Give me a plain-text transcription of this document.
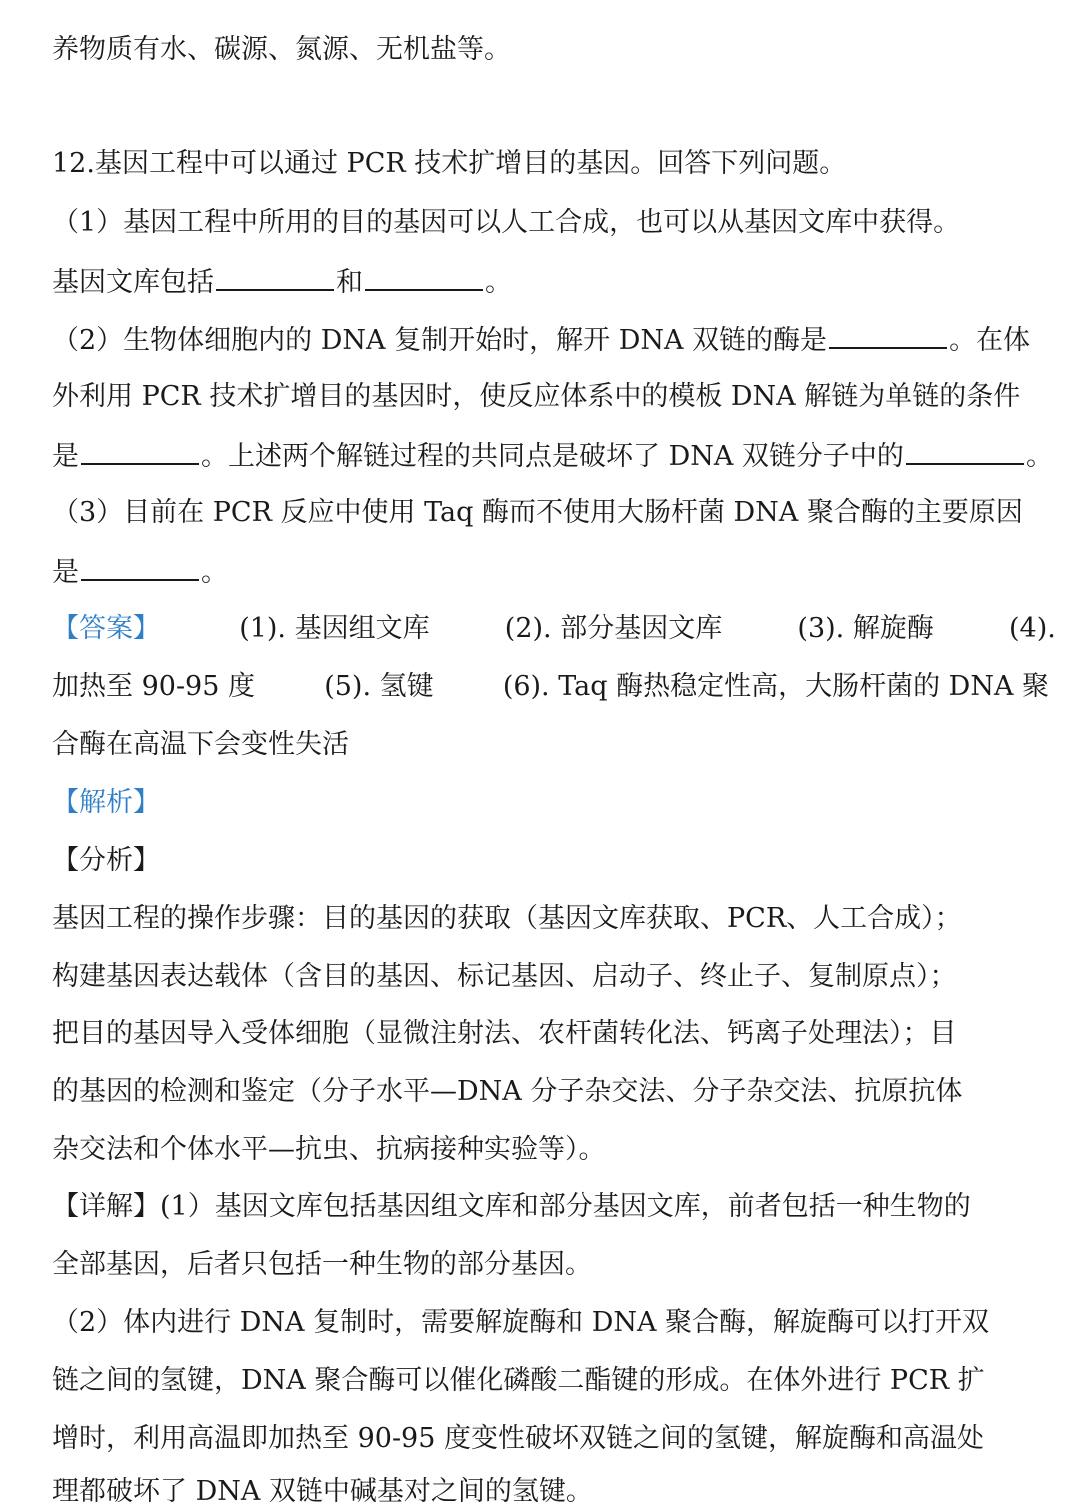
养物质有水、碳源、氮源、无机盐等。
12.基因工程中可以通过 PCR 技术扩增目的基因。回答下列问题。
（1）基因工程中所用的目的基因可以人工合成，也可以从基因文库中获得。
基因文库包括	和	。
（2）生物体细胞内的 DNA 复制开始时，解开 DNA 双链的酶是	。在体
外利用 PCR 技术扩增目的基因时，使反应体系中的模板 DNA 解链为单链的条件
是	。上述两个解链过程的共同点是破坏了 DNA 双链分子中的	。
（3）目前在 PCR 反应中使用 Taq 酶而不使用大肠杆菌 DNA 聚合酶的主要原因
是	。
【答案】	(1). 基因组文库	(2). 部分基因文库	(3). 解旋酶	(4).
加热至 90-95 度	(5). 氢键	(6). Taq 酶热稳定性高，大肠杆菌的 DNA 聚
合酶在高温下会变性失活
【解析】
【分析】
基因工程的操作步骤：目的基因的获取（基因文库获取、PCR、人工合成）；
构建基因表达载体（含目的基因、标记基因、启动子、终止子、复制原点）；
把目的基因导入受体细胞（显微注射法、农杆菌转化法、钙离子处理法）；目
的基因的检测和鉴定（分子水平—DNA 分子杂交法、分子杂交法、抗原抗体
杂交法和个体水平—抗虫、抗病接种实验等）。
【详解】(1）基因文库包括基因组文库和部分基因文库，前者包括一种生物的
全部基因，后者只包括一种生物的部分基因。
（2）体内进行 DNA 复制时，需要解旋酶和 DNA 聚合酶，解旋酶可以打开双
链之间的氢键，DNA 聚合酶可以催化磷酸二酯键的形成。在体外进行 PCR 扩
增时，利用高温即加热至 90-95 度变性破坏双链之间的氢键，解旋酶和高温处
理都破坏了 DNA 双链中碱基对之间的氢键。
